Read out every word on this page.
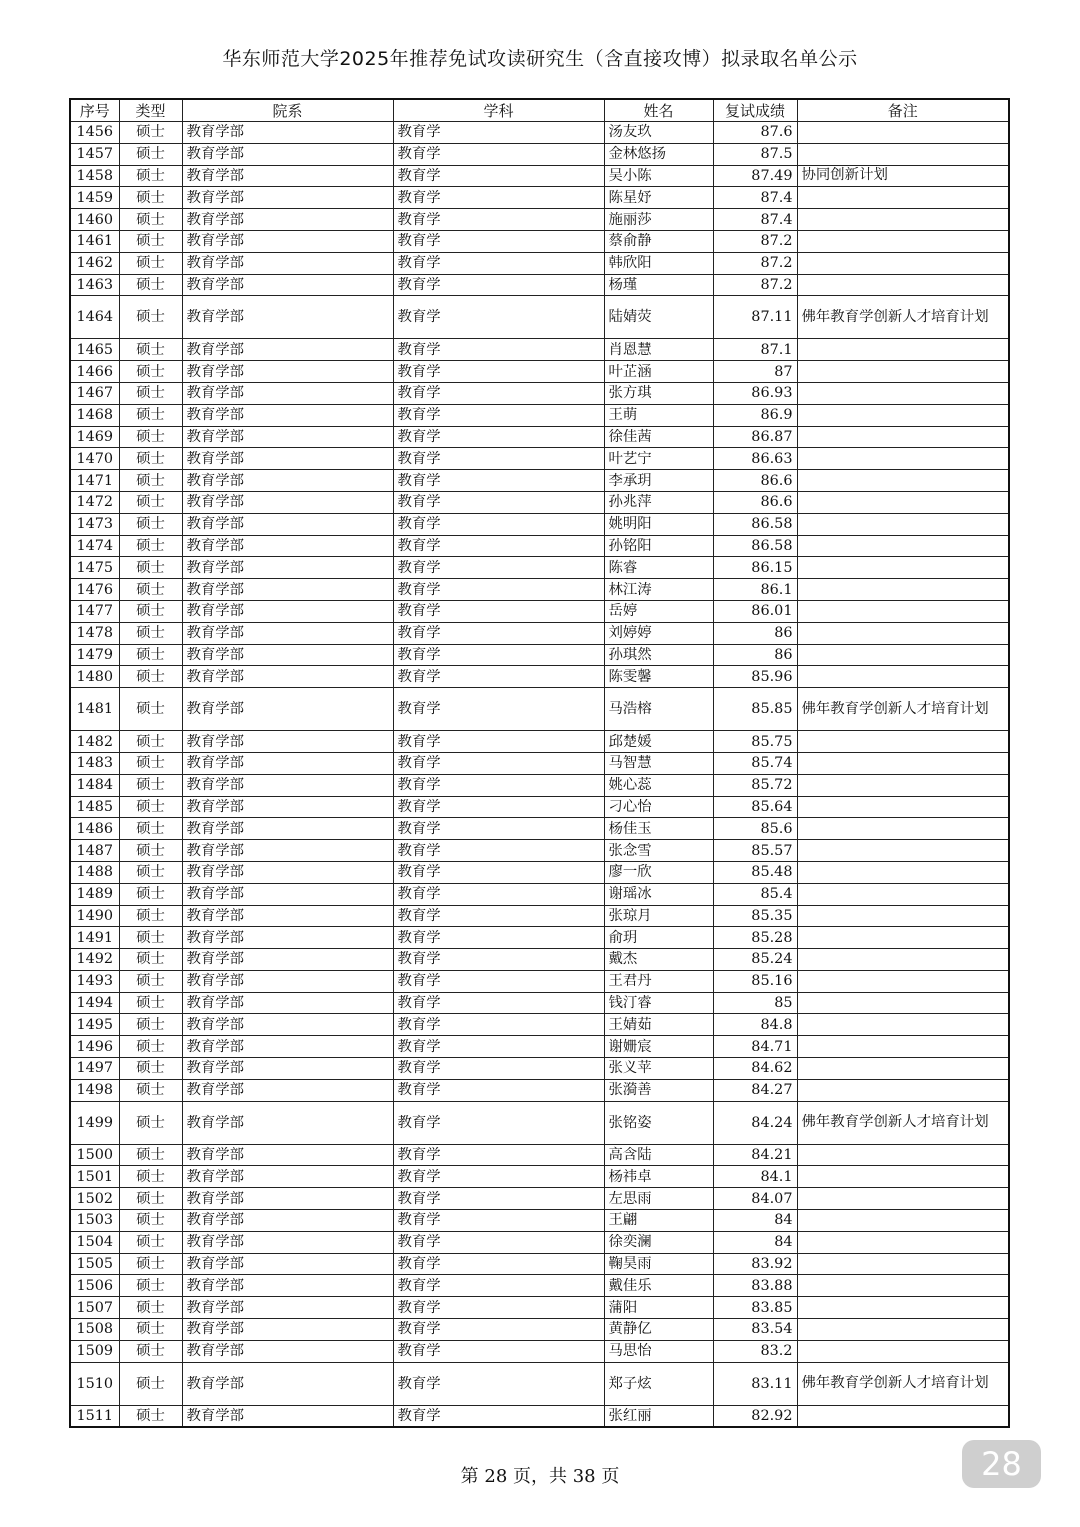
华东师范大学2025年推荐免试攻读研究生（含直接攻博）拟录取名单公示
序号	类型	院系	学科	姓名	复试成绩	备注
1456	硕士	教育学部	教育学	汤友玖	87.6	
1457	硕士	教育学部	教育学	金林悠扬	87.5	
1458	硕士	教育学部	教育学	吴小陈	87.49	协同创新计划
1459	硕士	教育学部	教育学	陈星妤	87.4	
1460	硕士	教育学部	教育学	施丽莎	87.4	
1461	硕士	教育学部	教育学	蔡俞静	87.2	
1462	硕士	教育学部	教育学	韩欣阳	87.2	
1463	硕士	教育学部	教育学	杨瑾	87.2	
1464	硕士	教育学部	教育学	陆婧荧	87.11	佛年教育学创新人才培育计划
1465	硕士	教育学部	教育学	肖恩慧	87.1	
1466	硕士	教育学部	教育学	叶芷涵	87	
1467	硕士	教育学部	教育学	张方琪	86.93	
1468	硕士	教育学部	教育学	王萌	86.9	
1469	硕士	教育学部	教育学	徐佳茜	86.87	
1470	硕士	教育学部	教育学	叶艺宁	86.63	
1471	硕士	教育学部	教育学	李承玥	86.6	
1472	硕士	教育学部	教育学	孙兆萍	86.6	
1473	硕士	教育学部	教育学	姚明阳	86.58	
1474	硕士	教育学部	教育学	孙铭阳	86.58	
1475	硕士	教育学部	教育学	陈睿	86.15	
1476	硕士	教育学部	教育学	林江涛	86.1	
1477	硕士	教育学部	教育学	岳婷	86.01	
1478	硕士	教育学部	教育学	刘婷婷	86	
1479	硕士	教育学部	教育学	孙琪然	86	
1480	硕士	教育学部	教育学	陈雯馨	85.96	
1481	硕士	教育学部	教育学	马浩榕	85.85	佛年教育学创新人才培育计划
1482	硕士	教育学部	教育学	邱楚媛	85.75	
1483	硕士	教育学部	教育学	马智慧	85.74	
1484	硕士	教育学部	教育学	姚心蕊	85.72	
1485	硕士	教育学部	教育学	刁心怡	85.64	
1486	硕士	教育学部	教育学	杨佳玉	85.6	
1487	硕士	教育学部	教育学	张念雪	85.57	
1488	硕士	教育学部	教育学	廖一欣	85.48	
1489	硕士	教育学部	教育学	谢瑶冰	85.4	
1490	硕士	教育学部	教育学	张琼月	85.35	
1491	硕士	教育学部	教育学	俞玥	85.28	
1492	硕士	教育学部	教育学	戴杰	85.24	
1493	硕士	教育学部	教育学	王君丹	85.16	
1494	硕士	教育学部	教育学	钱汀睿	85	
1495	硕士	教育学部	教育学	王婧茹	84.8	
1496	硕士	教育学部	教育学	谢姗宸	84.71	
1497	硕士	教育学部	教育学	张义苹	84.62	
1498	硕士	教育学部	教育学	张漪善	84.27	
1499	硕士	教育学部	教育学	张铭姿	84.24	佛年教育学创新人才培育计划
1500	硕士	教育学部	教育学	高含陆	84.21	
1501	硕士	教育学部	教育学	杨祎卓	84.1	
1502	硕士	教育学部	教育学	左思雨	84.07	
1503	硕士	教育学部	教育学	王翩	84	
1504	硕士	教育学部	教育学	徐奕澜	84	
1505	硕士	教育学部	教育学	鞠昊雨	83.92	
1506	硕士	教育学部	教育学	戴佳乐	83.88	
1507	硕士	教育学部	教育学	蒲阳	83.85	
1508	硕士	教育学部	教育学	黄静亿	83.54	
1509	硕士	教育学部	教育学	马思怡	83.2	
1510	硕士	教育学部	教育学	郑子炫	83.11	佛年教育学创新人才培育计划
1511	硕士	教育学部	教育学	张红丽	82.92	
第 28 页，共 38 页	28
